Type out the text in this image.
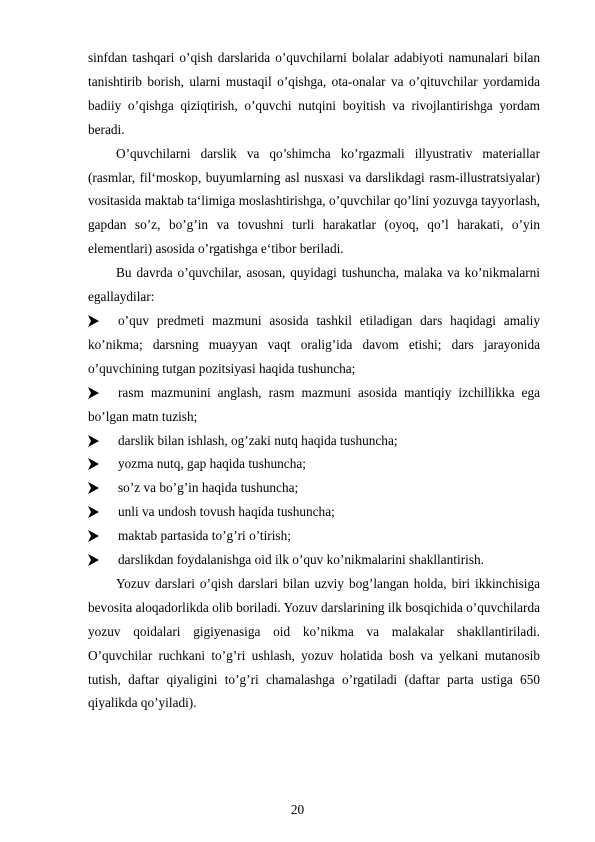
sinfdan tashqari o’qish darslarida o’quvchilarni bolalar adabiyoti namunalari bilan tanishtirib borish, ularni mustaqil o’qishga, ota-onalar va o’qituvchilar yordamida badiiy o’qishga qiziqtirish, o’quvchi nutqini boyitish va rivojlantirishga yordam beradi.

O’quvchilarni darslik va qo’shimcha ko’rgazmali illyustrativ materiallar (rasmlar, fil‘moskop, buyumlarning asl nusxasi va darslikdagi rasm-illustratsiyalar) vositasida maktab ta‘limiga moslashtirishga, o’quvchilar qo’lini yozuvga tayyorlash, gapdan so’z, bo’g’in va tovushni turli harakatlar (oyoq, qo’l harakati, o’yin elementlari) asosida o’rgatishga e‘tibor beriladi.

Bu davrda o’quvchilar, asosan, quyidagi tushuncha, malaka va ko’nikmalarni egallaydilar:

o’quv predmeti mazmuni asosida tashkil etiladigan dars haqidagi amaliy ko’nikma; darsning muayyan vaqt oralig’ida davom etishi; dars jarayonida o’quvchining tutgan pozitsiyasi haqida tushuncha;
rasm mazmunini anglash, rasm mazmuni asosida mantiqiy izchillikka ega bo’lgan matn tuzish;
darslik bilan ishlash, og’zaki nutq haqida tushuncha;
yozma nutq, gap haqida tushuncha;
so’z va bo’g’in haqida tushuncha;
unli va undosh tovush haqida tushuncha;
maktab partasida to’g’ri o’tirish;
darslikdan foydalanishga oid ilk o’quv ko’nikmalarini shakllantirish.

Yozuv darslari o’qish darslari bilan uzviy bog’langan holda, biri ikkinchisiga bevosita aloqadorlikda olib boriladi. Yozuv darslarining ilk bosqichida o’quvchilarda yozuv qoidalari gigiyenasiga oid ko’nikma va malakalar shakllantiriladi. O’quvchilar ruchkani to’g’ri ushlash, yozuv holatida bosh va yelkani mutanosib tutish, daftar qiyaligini to’g’ri chamalashga o’rgatiladi (daftar parta ustiga 650 qiyalikda qo’yiladi).

20
